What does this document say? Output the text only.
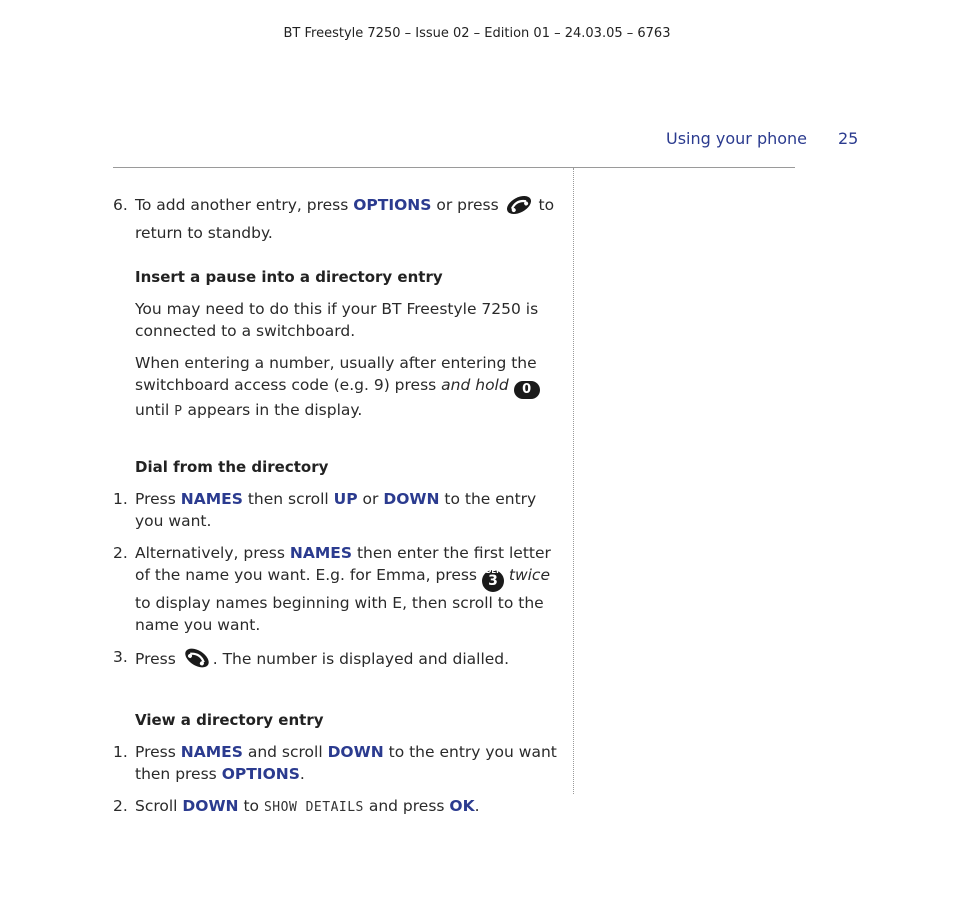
BT Freestyle 7250 – Issue 02 – Edition 01 – 24.03.05 – 6763
Using your phone 25

6. To add another entry, press OPTIONS or press  to return to standby.

Insert a pause into a directory entry

You may need to do this if your BT Freestyle 7250 is connected to a switchboard.

When entering a number, usually after entering the switchboard access code (e.g. 9) press and hold 0 until P appears in the display.

Dial from the directory

1. Press NAMES then scroll UP or DOWN to the entry you want.

2. Alternatively, press NAMES then enter the first letter of the name you want. E.g. for Emma, press 3
DEF twice to display names beginning with E, then scroll to the name you want.

3. Press . The number is displayed and dialled.

View a directory entry

1. Press NAMES and scroll DOWN to the entry you want then press OPTIONS.

2. Scroll DOWN to SHOW DETAILS and press OK.
